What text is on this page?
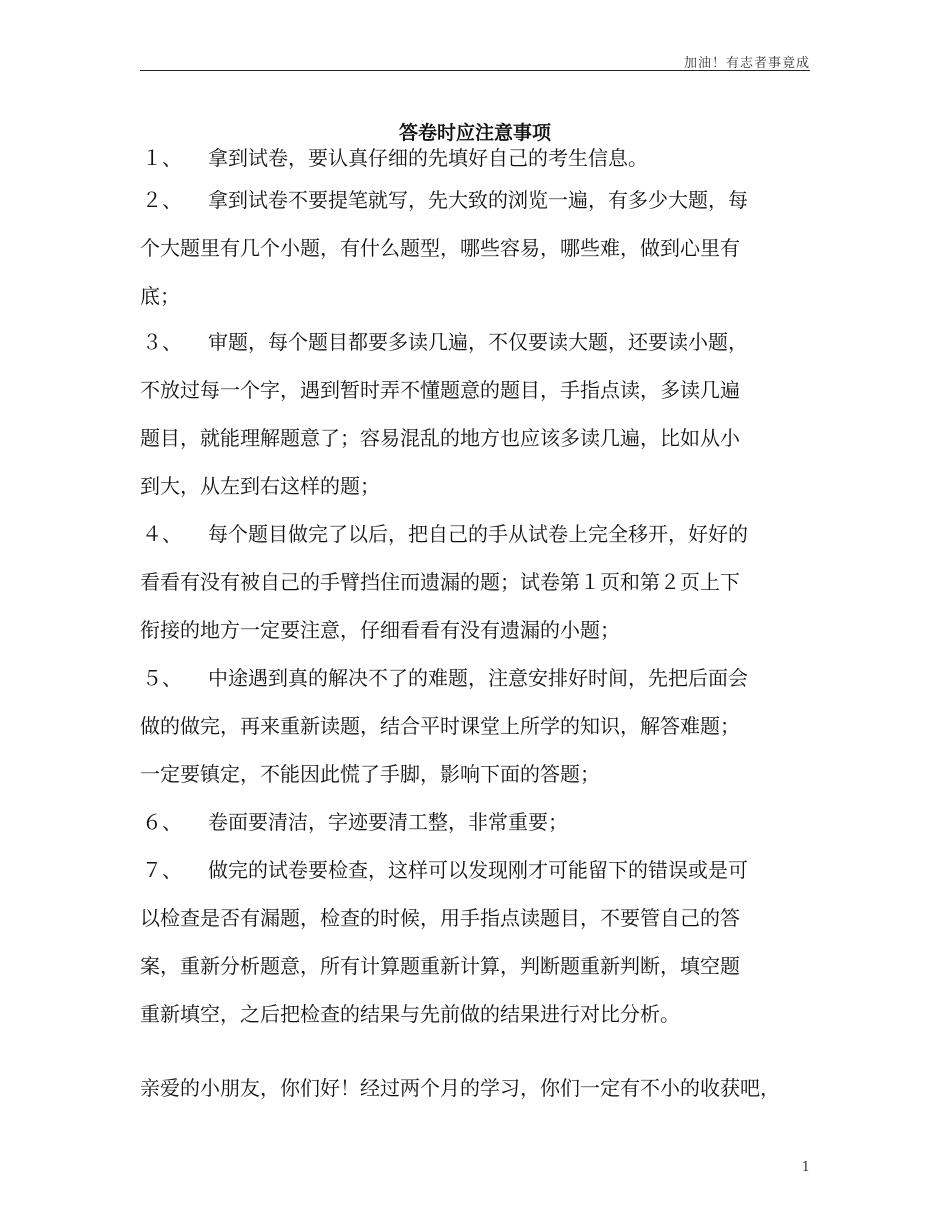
加油！有志者事竟成
答卷时应注意事项
１、 拿到试卷，要认真仔细的先填好自己的考生信息。
２、 拿到试卷不要提笔就写，先大致的浏览一遍，有多少大题，每
个大题里有几个小题，有什么题型，哪些容易，哪些难，做到心里有
底；
３、 审题，每个题目都要多读几遍，不仅要读大题，还要读小题，
不放过每一个字，遇到暂时弄不懂题意的题目，手指点读，多读几遍
题目，就能理解题意了；容易混乱的地方也应该多读几遍，比如从小
到大，从左到右这样的题；
４、 每个题目做完了以后，把自己的手从试卷上完全移开，好好的
看看有没有被自己的手臂挡住而遗漏的题；试卷第１页和第２页上下
衔接的地方一定要注意，仔细看看有没有遗漏的小题；
５、 中途遇到真的解决不了的难题，注意安排好时间，先把后面会
做的做完，再来重新读题，结合平时课堂上所学的知识，解答难题；
一定要镇定，不能因此慌了手脚，影响下面的答题；
６、 卷面要清洁，字迹要清工整，非常重要；
７、 做完的试卷要检查，这样可以发现刚才可能留下的错误或是可
以检查是否有漏题，检查的时候，用手指点读题目，不要管自己的答
案，重新分析题意，所有计算题重新计算，判断题重新判断，填空题
重新填空，之后把检查的结果与先前做的结果进行对比分析。
亲爱的小朋友，你们好！经过两个月的学习，你们一定有不小的收获吧，
1
